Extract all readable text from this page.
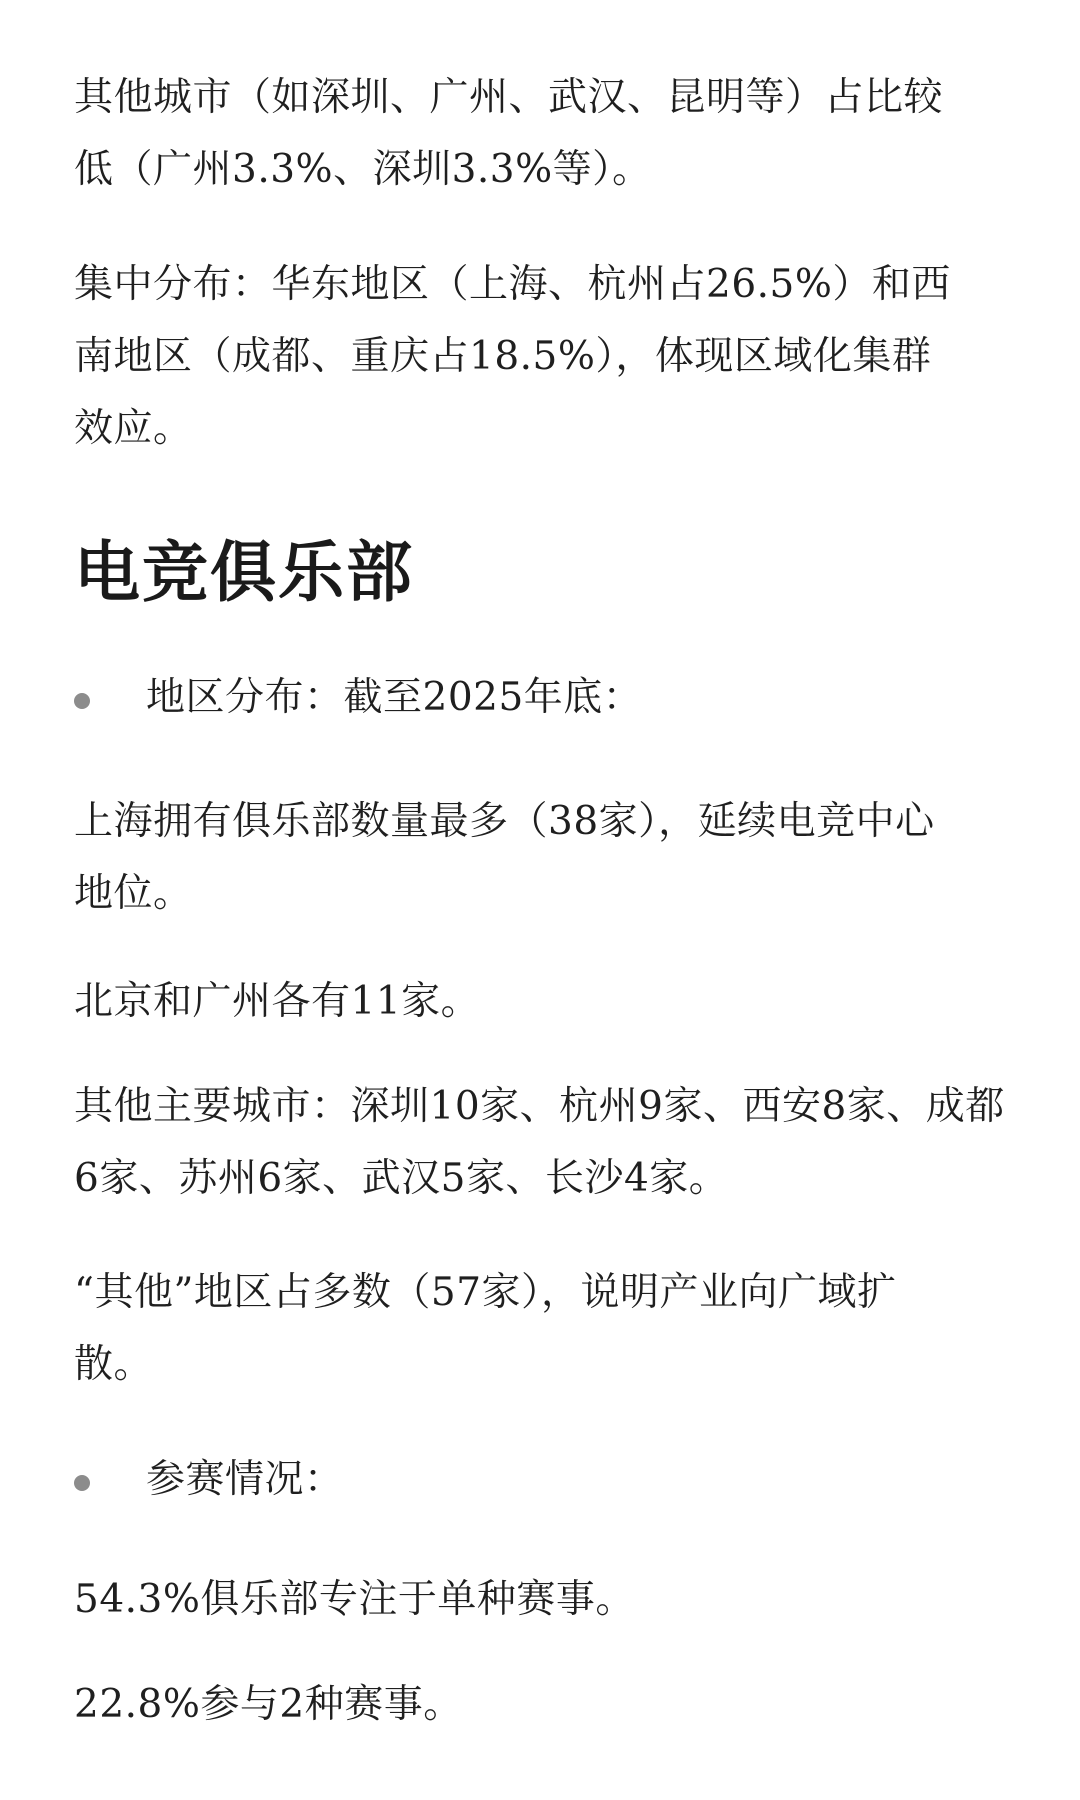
其他城市（如深圳、广州、武汉、昆明等）占比较低（广州3.3%、深圳3.3%等）。

集中分布：华东地区（上海、杭州占26.5%）和西南地区（成都、重庆占18.5%），体现区域化集群效应。

电竞俱乐部
地区分布：截至2025年底：

上海拥有俱乐部数量最多（38家），延续电竞中心地位。

北京和广州各有11家。

其他主要城市：深圳10家、杭州9家、西安8家、成都6家、苏州6家、武汉5家、长沙4家。

“其他”地区占多数（57家），说明产业向广域扩散。

参赛情况：

54.3%俱乐部专注于单种赛事。

22.8%参与2种赛事。
